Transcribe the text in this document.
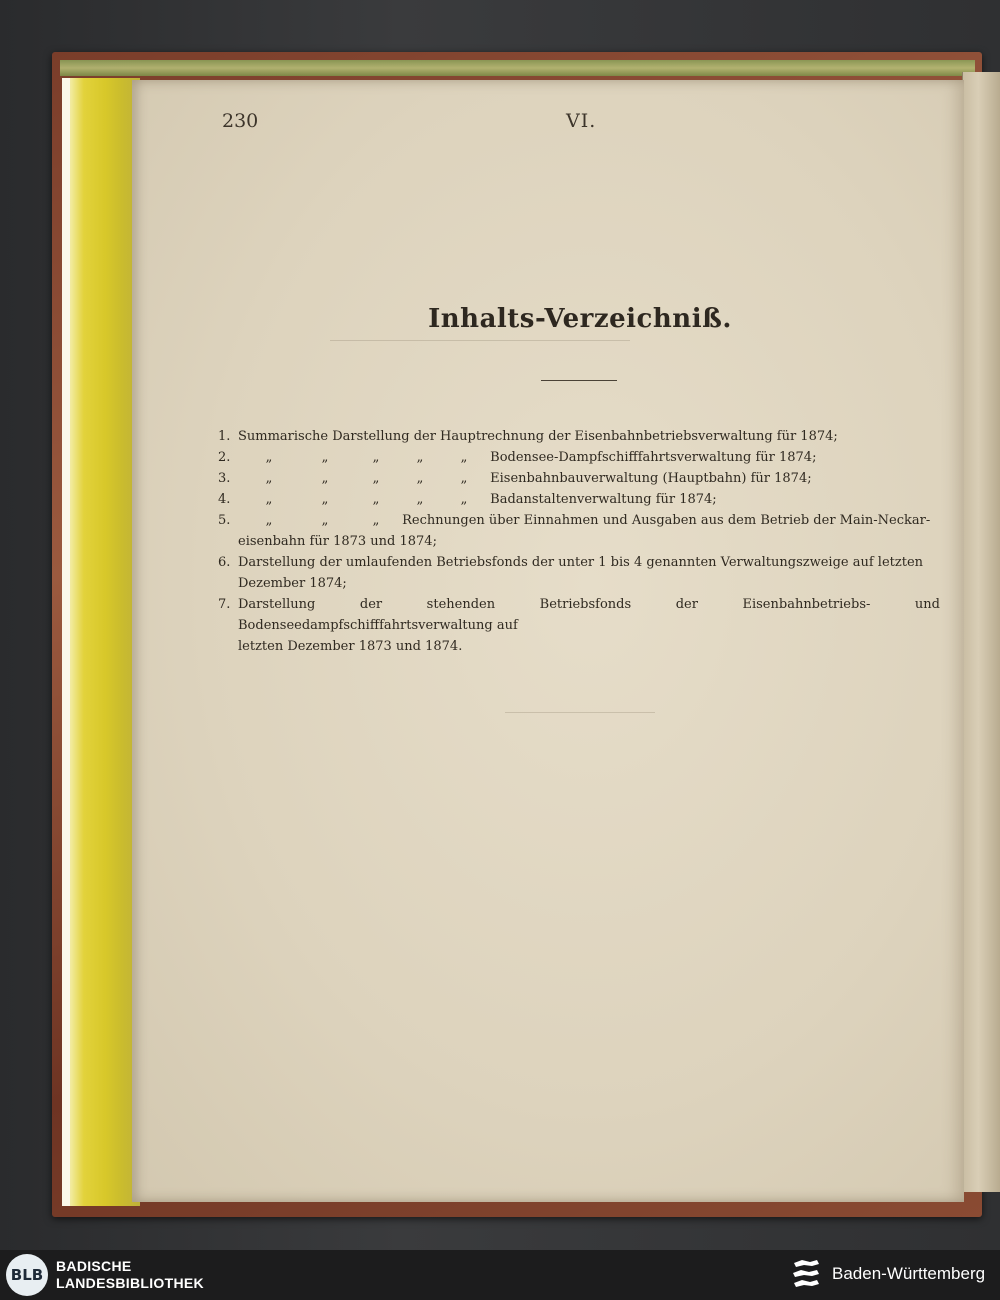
230	VI.
Inhalts-Verzeichniß.
1. Summarische Darstellung der Hauptrechnung der Eisenbahnbetriebsverwaltung für 1874;
2.	„	„	„	„	„ Bodensee-Dampfschifffahrtsverwaltung für 1874;
3.	„	„	„	„	„ Eisenbahnbauverwaltung (Hauptbahn) für 1874;
4.	„	„	„	„	„ Badanstaltenverwaltung für 1874;
5.	„	„	„ Rechnungen über Einnahmen und Ausgaben aus dem Betrieb der Main-Neckar-
eisenbahn für 1873 und 1874;
6. Darstellung der umlaufenden Betriebsfonds der unter 1 bis 4 genannten Verwaltungszweige auf letzten
Dezember 1874;
7. Darstellung der stehenden Betriebsfonds der Eisenbahnbetriebs- und Bodenseedampfschifffahrtsverwaltung auf
letzten Dezember 1873 und 1874.
BLB BADISCHE
LANDESBIBLIOTHEK	Baden-Württemberg
